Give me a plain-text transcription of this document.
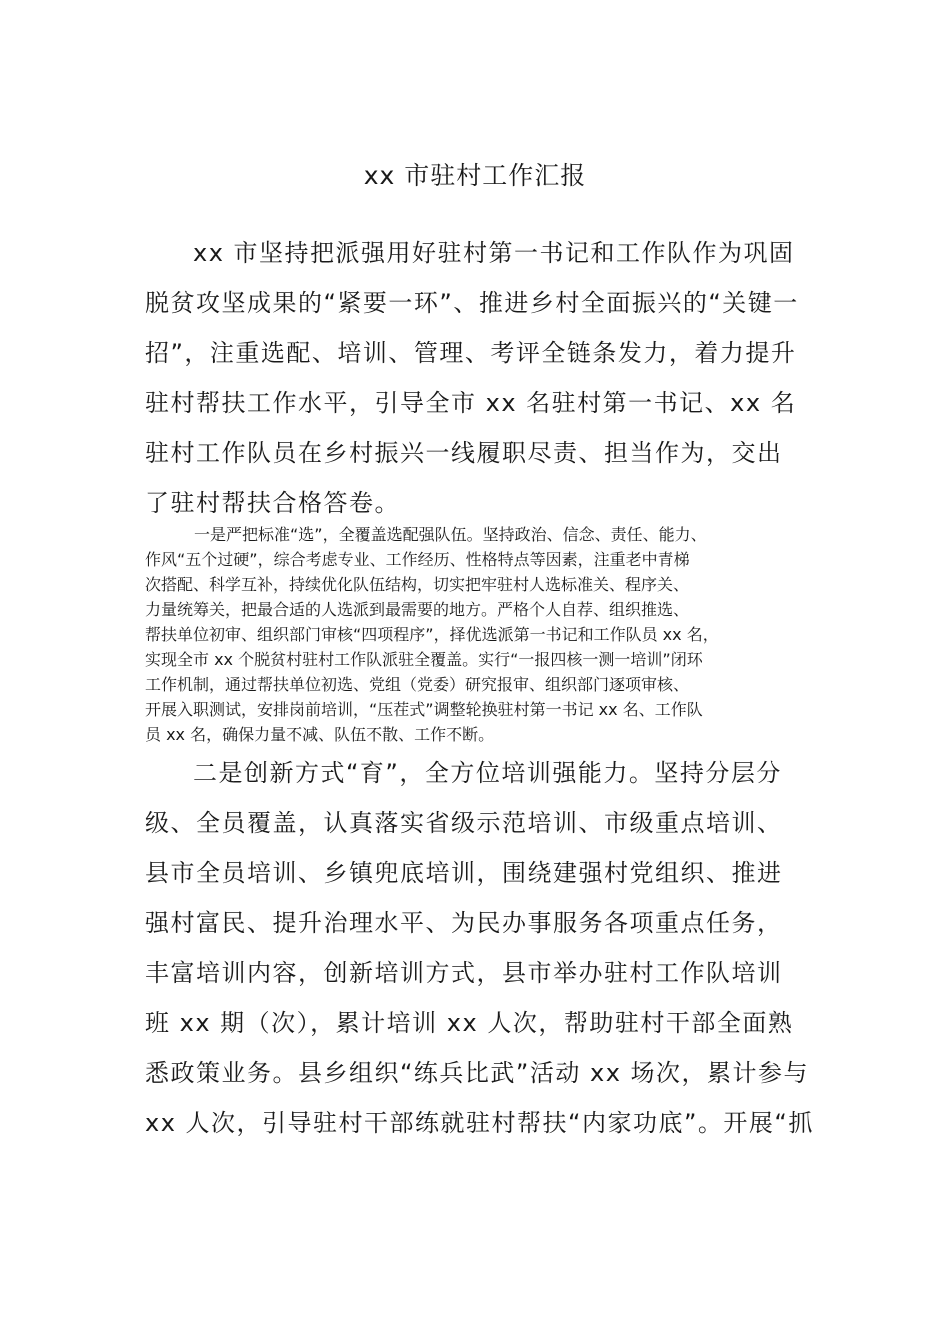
xx 市驻村工作汇报
xx 市坚持把派强用好驻村第一书记和工作队作为巩固
脱贫攻坚成果的“紧要一环”、推进乡村全面振兴的“关键一
招”，注重选配、培训、管理、考评全链条发力，着力提升
驻村帮扶工作水平，引导全市 xx 名驻村第一书记、xx 名
驻村工作队员在乡村振兴一线履职尽责、担当作为，交出
了驻村帮扶合格答卷。
一是严把标准“选”，全覆盖选配强队伍。坚持政治、信念、责任、能力、
作风“五个过硬”，综合考虑专业、工作经历、性格特点等因素，注重老中青梯
次搭配、科学互补，持续优化队伍结构，切实把牢驻村人选标准关、程序关、
力量统筹关，把最合适的人选派到最需要的地方。严格个人自荐、组织推选、
帮扶单位初审、组织部门审核“四项程序”，择优选派第一书记和工作队员 xx 名，
实现全市 xx 个脱贫村驻村工作队派驻全覆盖。实行“一报四核一测一培训”闭环
工作机制，通过帮扶单位初选、党组（党委）研究报审、组织部门逐项审核、
开展入职测试，安排岗前培训，“压茬式”调整轮换驻村第一书记 xx 名、工作队
员 xx 名，确保力量不减、队伍不散、工作不断。
二是创新方式“育”，全方位培训强能力。坚持分层分
级、全员覆盖，认真落实省级示范培训、市级重点培训、
县市全员培训、乡镇兜底培训，围绕建强村党组织、推进
强村富民、提升治理水平、为民办事服务各项重点任务，
丰富培训内容，创新培训方式，县市举办驻村工作队培训
班 xx 期（次），累计培训 xx 人次，帮助驻村干部全面熟
悉政策业务。县乡组织“练兵比武”活动 xx 场次，累计参与
xx 人次，引导驻村干部练就驻村帮扶“内家功底”。开展“抓
